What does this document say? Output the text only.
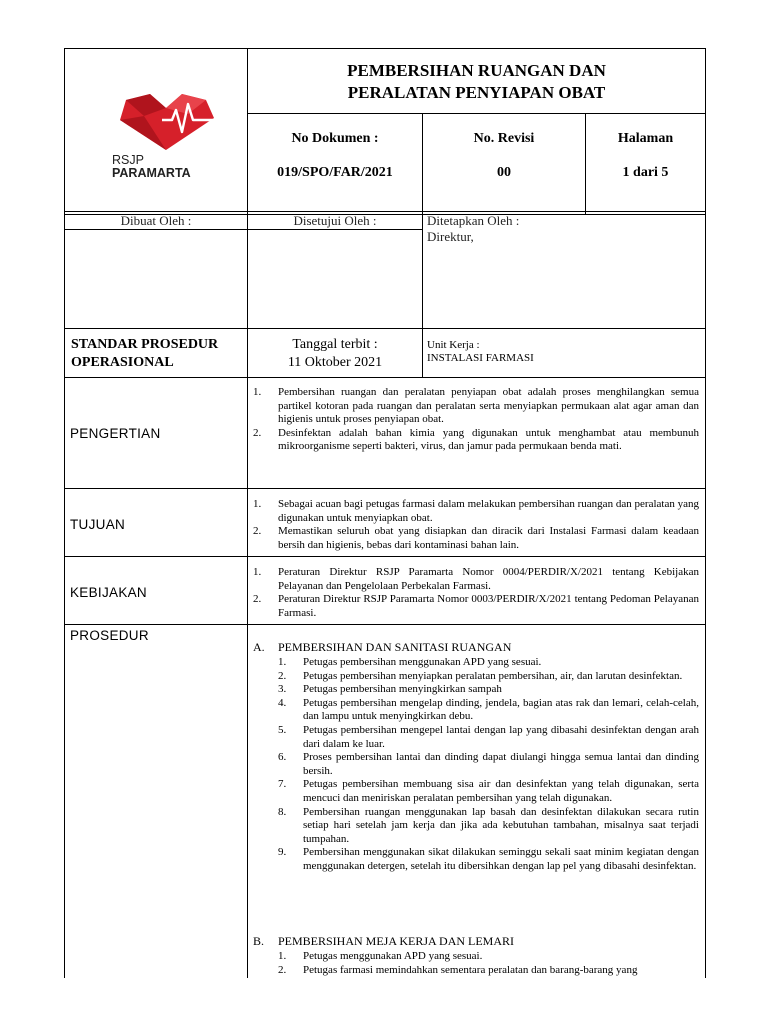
RSJP
PARAMARTA
PEMBERSIHAN RUANGAN DAN
PERALATAN PENYIAPAN OBAT
No Dokumen :
019/SPO/FAR/2021
No. Revisi
00
Halaman
1 dari 5
Dibuat Oleh :	Disetujui Oleh :	Ditetapkan Oleh :
Direktur,
STANDAR PROSEDUR
OPERASIONAL
Tanggal terbit :
11 Oktober 2021
Unit Kerja :
INSTALASI FARMASI
PENGERTIAN
1. Pembersihan ruangan dan peralatan penyiapan obat adalah proses menghilangkan semua partikel kotoran pada ruangan dan peralatan serta menyiapkan permukaan alat agar aman dan higienis untuk proses penyiapan obat.
2. Desinfektan adalah bahan kimia yang digunakan untuk menghambat atau membunuh mikroorganisme seperti bakteri, virus, dan jamur pada permukaan benda mati.
TUJUAN
1. Sebagai acuan bagi petugas farmasi dalam melakukan pembersihan ruangan dan peralatan yang digunakan untuk menyiapkan obat.
2. Memastikan seluruh obat yang disiapkan dan diracik dari Instalasi Farmasi dalam keadaan bersih dan higienis, bebas dari kontaminasi bahan lain.
KEBIJAKAN
1. Peraturan Direktur RSJP Paramarta Nomor 0004/PERDIR/X/2021 tentang Kebijakan Pelayanan dan Pengelolaan Perbekalan Farmasi.
2. Peraturan Direktur RSJP Paramarta Nomor 0003/PERDIR/X/2021 tentang Pedoman Pelayanan Farmasi.
PROSEDUR
A. PEMBERSIHAN DAN SANITASI RUANGAN
1. Petugas pembersihan menggunakan APD yang sesuai.
2. Petugas pembersihan menyiapkan peralatan pembersihan, air, dan larutan desinfektan.
3. Petugas pembersihan menyingkirkan sampah
4. Petugas pembersihan mengelap dinding, jendela, bagian atas rak dan lemari, celah-celah, dan lampu untuk menyingkirkan debu.
5. Petugas pembersihan mengepel lantai dengan lap yang dibasahi desinfektan dengan arah dari dalam ke luar.
6. Proses pembersihan lantai dan dinding dapat diulangi hingga semua lantai dan dinding bersih.
7. Petugas pembersihan membuang sisa air dan desinfektan yang telah digunakan, serta mencuci dan meniriskan peralatan pembersihan yang telah digunakan.
8. Pembersihan ruangan menggunakan lap basah dan desinfektan dilakukan secara rutin setiap hari setelah jam kerja dan jika ada kebutuhan tambahan, misalnya saat terjadi tumpahan.
9. Pembersihan menggunakan sikat dilakukan seminggu sekali saat minim kegiatan dengan menggunakan detergen, setelah itu dibersihkan dengan lap pel yang dibasahi desinfektan.
B. PEMBERSIHAN MEJA KERJA DAN LEMARI
1. Petugas menggunakan APD yang sesuai.
2. Petugas farmasi memindahkan sementara peralatan dan barang-barang yang
